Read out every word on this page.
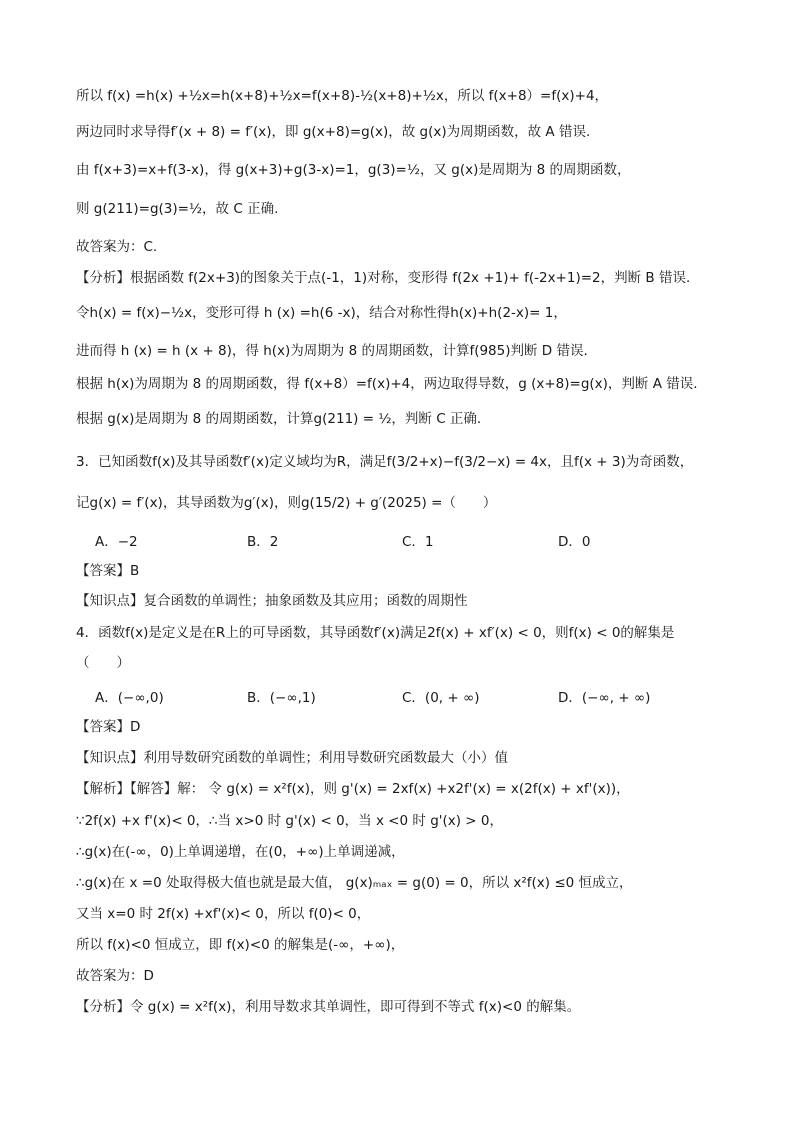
所以 f(x) =h(x) +½x=h(x+8)+½x=f(x+8)-½(x+8)+½x，所以 f(x+8）=f(x)+4，
两边同时求导得f′(x + 8) = f′(x)，即 g(x+8)=g(x)，故 g(x)为周期函数，故 A 错误.
由 f(x+3)=x+f(3-x)，得 g(x+3)+g(3-x)=1，g(3)=½，又 g(x)是周期为 8 的周期函数，
则 g(211)=g(3)=½，故 C 正确.
故答案为：C.
【分析】根据函数 f(2x+3)的图象关于点(-1，1)对称，变形得 f(2x +1)+ f(-2x+1)=2，判断 B 错误.
令h(x) = f(x)−½x，变形可得 h (x) =h(6 -x)，结合对称性得h(x)+h(2-x)= 1，
进而得 h (x) = h (x + 8)，得 h(x)为周期为 8 的周期函数，计算f(985)判断 D 错误.
根据 h(x)为周期为 8 的周期函数，得 f(x+8）=f(x)+4，两边取得导数，g (x+8)=g(x)，判断 A 错误.
根据 g(x)是周期为 8 的周期函数，计算g(211) = ½，判断 C 正确.
3．已知函数f(x)及其导函数f′(x)定义域均为R，满足f(3/2+x)−f(3/2−x) = 4x，且f(x + 3)为奇函数，
记g(x) = f′(x)，其导函数为g′(x)，则g(15/2) + g′(2025) =（　　）
A．−2	B．2	C．1	D．0
【答案】B
【知识点】复合函数的单调性；抽象函数及其应用；函数的周期性
4．函数f(x)是定义是在R上的可导函数，其导函数f′(x)满足2f(x) + xf′(x) < 0，则f(x) < 0的解集是
（　　）
A．(−∞,0)	B．(−∞,1)	C．(0, + ∞)	D．(−∞, + ∞)
【答案】D
【知识点】利用导数研究函数的单调性；利用导数研究函数最大（小）值
【解析】【解答】解： 令 g(x) = x²f(x)，则 g'(x) = 2xf(x) +x2f'(x) = x(2f(x) + xf'(x))，
∵2f(x) +x f'(x)< 0，∴当 x>0 时 g'(x) < 0，当 x <0 时 g'(x) > 0，
∴g(x)在(-∞，0)上单调递增，在(0，+∞)上单调递减，
∴g(x)在 x =0 处取得极大值也就是最大值， g(x)ₘₐₓ = g(0) = 0，所以 x²f(x) ≤0 恒成立，
又当 x=0 时 2f(x) +xf'(x)< 0，所以 f(0)< 0，
所以 f(x)<0 恒成立，即 f(x)<0 的解集是(-∞，+∞)，
故答案为：D
【分析】令 g(x) = x²f(x)，利用导数求其单调性，即可得到不等式 f(x)<0 的解集。
